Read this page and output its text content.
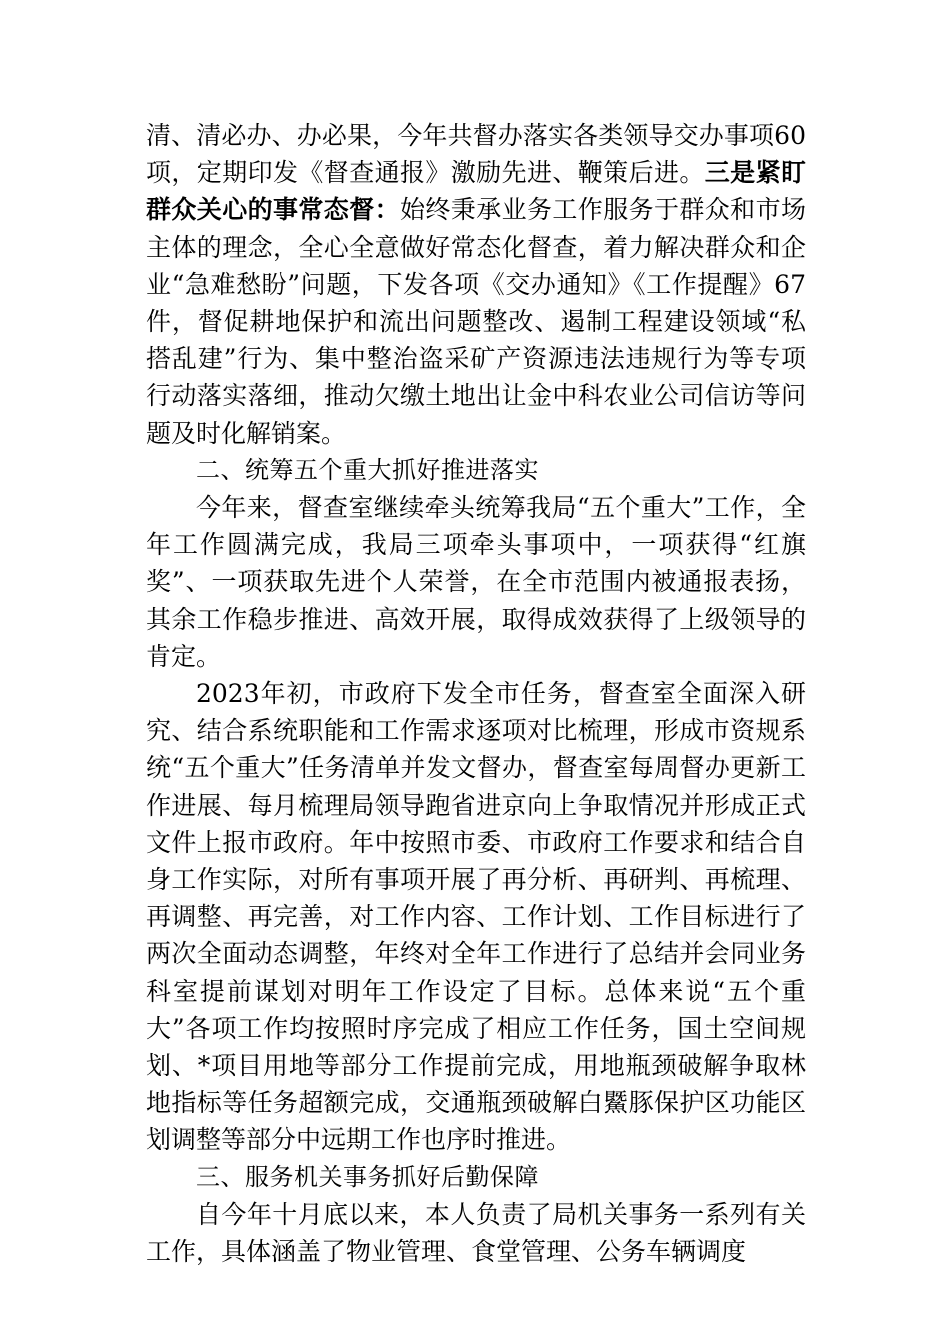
清、清必办、办必果，今年共督办落实各类领导交办事项60项，定期印发《督查通报》激励先进、鞭策后进。三是紧盯群众关心的事常态督：始终秉承业务工作服务于群众和市场主体的理念，全心全意做好常态化督查，着力解决群众和企业“急难愁盼”问题，下发各项《交办通知》《工作提醒》67件，督促耕地保护和流出问题整改、遏制工程建设领域“私搭乱建”行为、集中整治盗采矿产资源违法违规行为等专项行动落实落细，推动欠缴土地出让金中科农业公司信访等问题及时化解销案。

二、统筹五个重大抓好推进落实

今年来，督查室继续牵头统筹我局“五个重大”工作，全年工作圆满完成，我局三项牵头事项中，一项获得“红旗奖”、一项获取先进个人荣誉，在全市范围内被通报表扬，其余工作稳步推进、高效开展，取得成效获得了上级领导的肯定。

2023年初，市政府下发全市任务，督查室全面深入研究、结合系统职能和工作需求逐项对比梳理，形成市资规系统“五个重大”任务清单并发文督办，督查室每周督办更新工作进展、每月梳理局领导跑省进京向上争取情况并形成正式文件上报市政府。年中按照市委、市政府工作要求和结合自身工作实际，对所有事项开展了再分析、再研判、再梳理、再调整、再完善，对工作内容、工作计划、工作目标进行了两次全面动态调整，年终对全年工作进行了总结并会同业务科室提前谋划对明年工作设定了目标。总体来说“五个重大”各项工作均按照时序完成了相应工作任务，国土空间规划、*项目用地等部分工作提前完成，用地瓶颈破解争取林地指标等任务超额完成，交通瓶颈破解白鱀豚保护区功能区划调整等部分中远期工作也序时推进。

三、服务机关事务抓好后勤保障

自今年十月底以来，本人负责了局机关事务一系列有关工作，具体涵盖了物业管理、食堂管理、公务车辆调度
